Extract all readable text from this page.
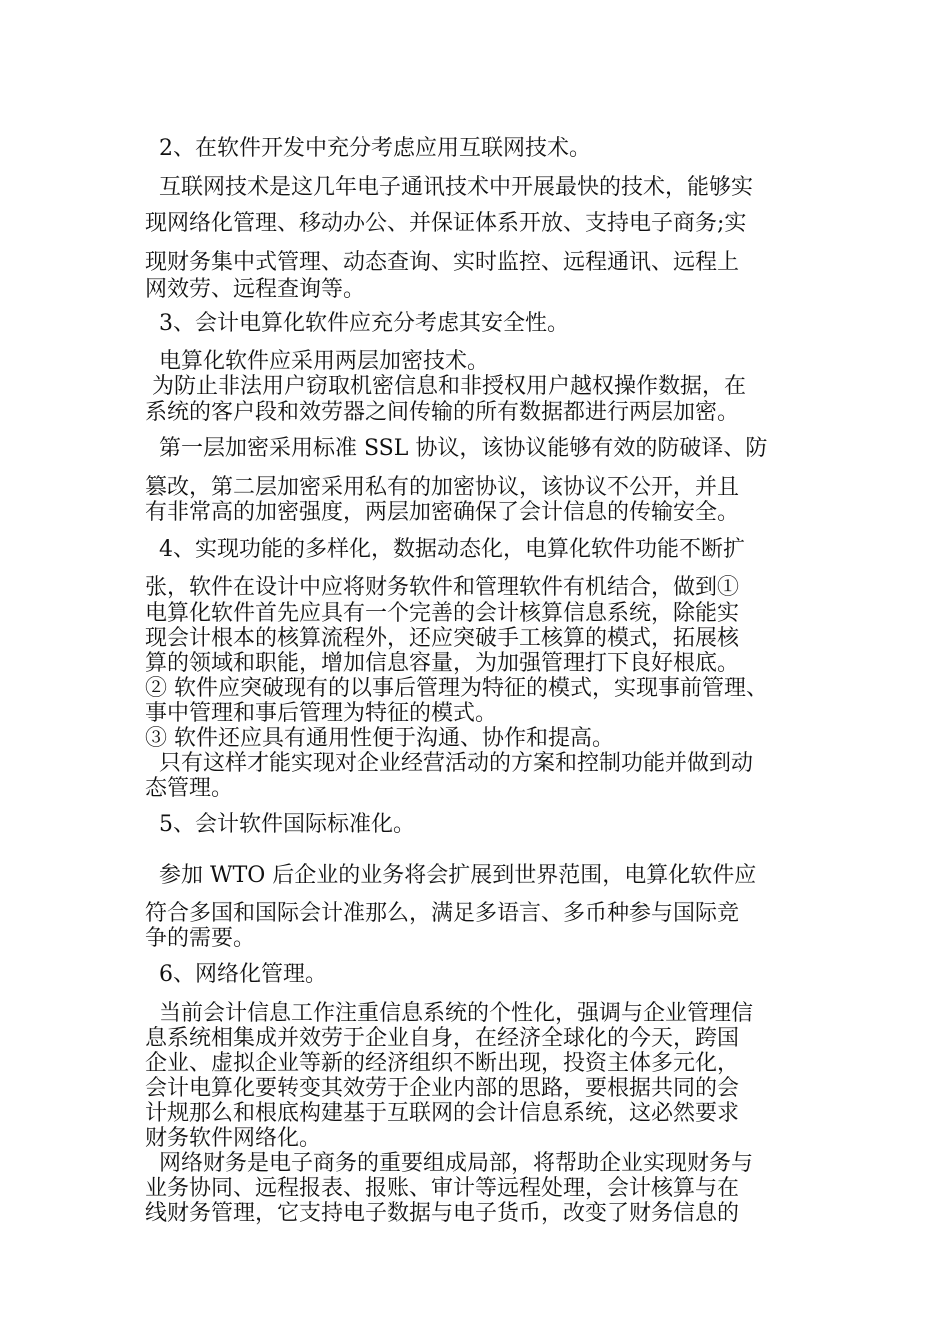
2、在软件开发中充分考虑应用互联网技术。
互联网技术是这几年电子通讯技术中开展最快的技术，能够实
现网络化管理、移动办公、并保证体系开放、支持电子商务;实
现财务集中式管理、动态查询、实时监控、远程通讯、远程上
网效劳、远程查询等。
3、会计电算化软件应充分考虑其安全性。
电算化软件应采用两层加密技术。
为防止非法用户窃取机密信息和非授权用户越权操作数据，在
系统的客户段和效劳器之间传输的所有数据都进行两层加密。
第一层加密采用标准 SSL 协议，该协议能够有效的防破译、防
篡改，第二层加密采用私有的加密协议，该协议不公开，并且
有非常高的加密强度，两层加密确保了会计信息的传输安全。
4、实现功能的多样化，数据动态化，电算化软件功能不断扩
张，软件在设计中应将财务软件和管理软件有机结合，做到①
电算化软件首先应具有一个完善的会计核算信息系统，除能实
现会计根本的核算流程外，还应突破手工核算的模式，拓展核
算的领域和职能，增加信息容量，为加强管理打下良好根底。
② 软件应突破现有的以事后管理为特征的模式，实现事前管理、
事中管理和事后管理为特征的模式。
③ 软件还应具有通用性便于沟通、协作和提高。
只有这样才能实现对企业经营活动的方案和控制功能并做到动
态管理。
5、会计软件国际标准化。
参加 WTO 后企业的业务将会扩展到世界范围，电算化软件应
符合多国和国际会计准那么，满足多语言、多币种参与国际竞
争的需要。
6、网络化管理。
当前会计信息工作注重信息系统的个性化，强调与企业管理信
息系统相集成并效劳于企业自身，在经济全球化的今天，跨国
企业、虚拟企业等新的经济组织不断出现，投资主体多元化，
会计电算化要转变其效劳于企业内部的思路，要根据共同的会
计规那么和根底构建基于互联网的会计信息系统，这必然要求
财务软件网络化。
网络财务是电子商务的重要组成局部，将帮助企业实现财务与
业务协同、远程报表、报账、审计等远程处理，会计核算与在
线财务管理，它支持电子数据与电子货币，改变了财务信息的
